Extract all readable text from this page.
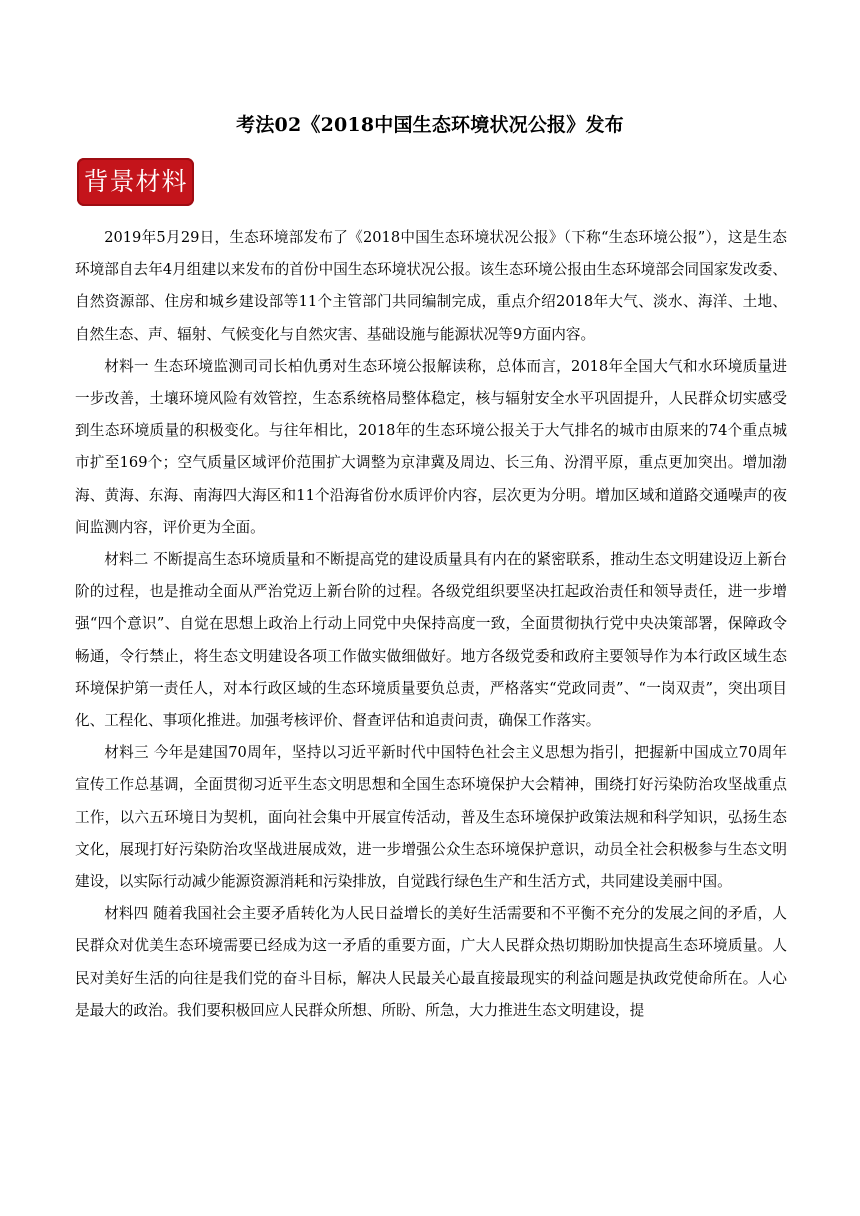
考法02《2018中国生态环境状况公报》发布
背景材料

2019年5月29日，生态环境部发布了《2018中国生态环境状况公报》（下称“生态环境公报”），这是生态环境部自去年4月组建以来发布的首份中国生态环境状况公报。该生态环境公报由生态环境部会同国家发改委、自然资源部、住房和城乡建设部等11个主管部门共同编制完成，重点介绍2018年大气、淡水、海洋、土地、自然生态、声、辐射、气候变化与自然灾害、基础设施与能源状况等9方面内容。

材料一 生态环境监测司司长柏仇勇对生态环境公报解读称，总体而言，2018年全国大气和水环境质量进一步改善，土壤环境风险有效管控，生态系统格局整体稳定，核与辐射安全水平巩固提升，人民群众切实感受到生态环境质量的积极变化。与往年相比，2018年的生态环境公报关于大气排名的城市由原来的74个重点城市扩至169个；空气质量区域评价范围扩大调整为京津冀及周边、长三角、汾渭平原，重点更加突出。增加渤海、黄海、东海、南海四大海区和11个沿海省份水质评价内容，层次更为分明。增加区域和道路交通噪声的夜间监测内容，评价更为全面。

材料二 不断提高生态环境质量和不断提高党的建设质量具有内在的紧密联系，推动生态文明建设迈上新台阶的过程，也是推动全面从严治党迈上新台阶的过程。各级党组织要坚决扛起政治责任和领导责任，进一步增强“四个意识”、自觉在思想上政治上行动上同党中央保持高度一致，全面贯彻执行党中央决策部署，保障政令畅通，令行禁止，将生态文明建设各项工作做实做细做好。地方各级党委和政府主要领导作为本行政区域生态环境保护第一责任人，对本行政区域的生态环境质量要负总责，严格落实“党政同责”、“一岗双责”，突出项目化、工程化、事项化推进。加强考核评价、督查评估和追责问责，确保工作落实。

材料三 今年是建国70周年，坚持以习近平新时代中国特色社会主义思想为指引，把握新中国成立70周年宣传工作总基调，全面贯彻习近平生态文明思想和全国生态环境保护大会精神，围绕打好污染防治攻坚战重点工作，以六五环境日为契机，面向社会集中开展宣传活动，普及生态环境保护政策法规和科学知识，弘扬生态文化，展现打好污染防治攻坚战进展成效，进一步增强公众生态环境保护意识，动员全社会积极参与生态文明建设，以实际行动减少能源资源消耗和污染排放，自觉践行绿色生产和生活方式，共同建设美丽中国。

材料四 随着我国社会主要矛盾转化为人民日益增长的美好生活需要和不平衡不充分的发展之间的矛盾，人民群众对优美生态环境需要已经成为这一矛盾的重要方面，广大人民群众热切期盼加快提高生态环境质量。人民对美好生活的向往是我们党的奋斗目标，解决人民最关心最直接最现实的利益问题是执政党使命所在。人心是最大的政治。我们要积极回应人民群众所想、所盼、所急，大力推进生态文明建设，提
